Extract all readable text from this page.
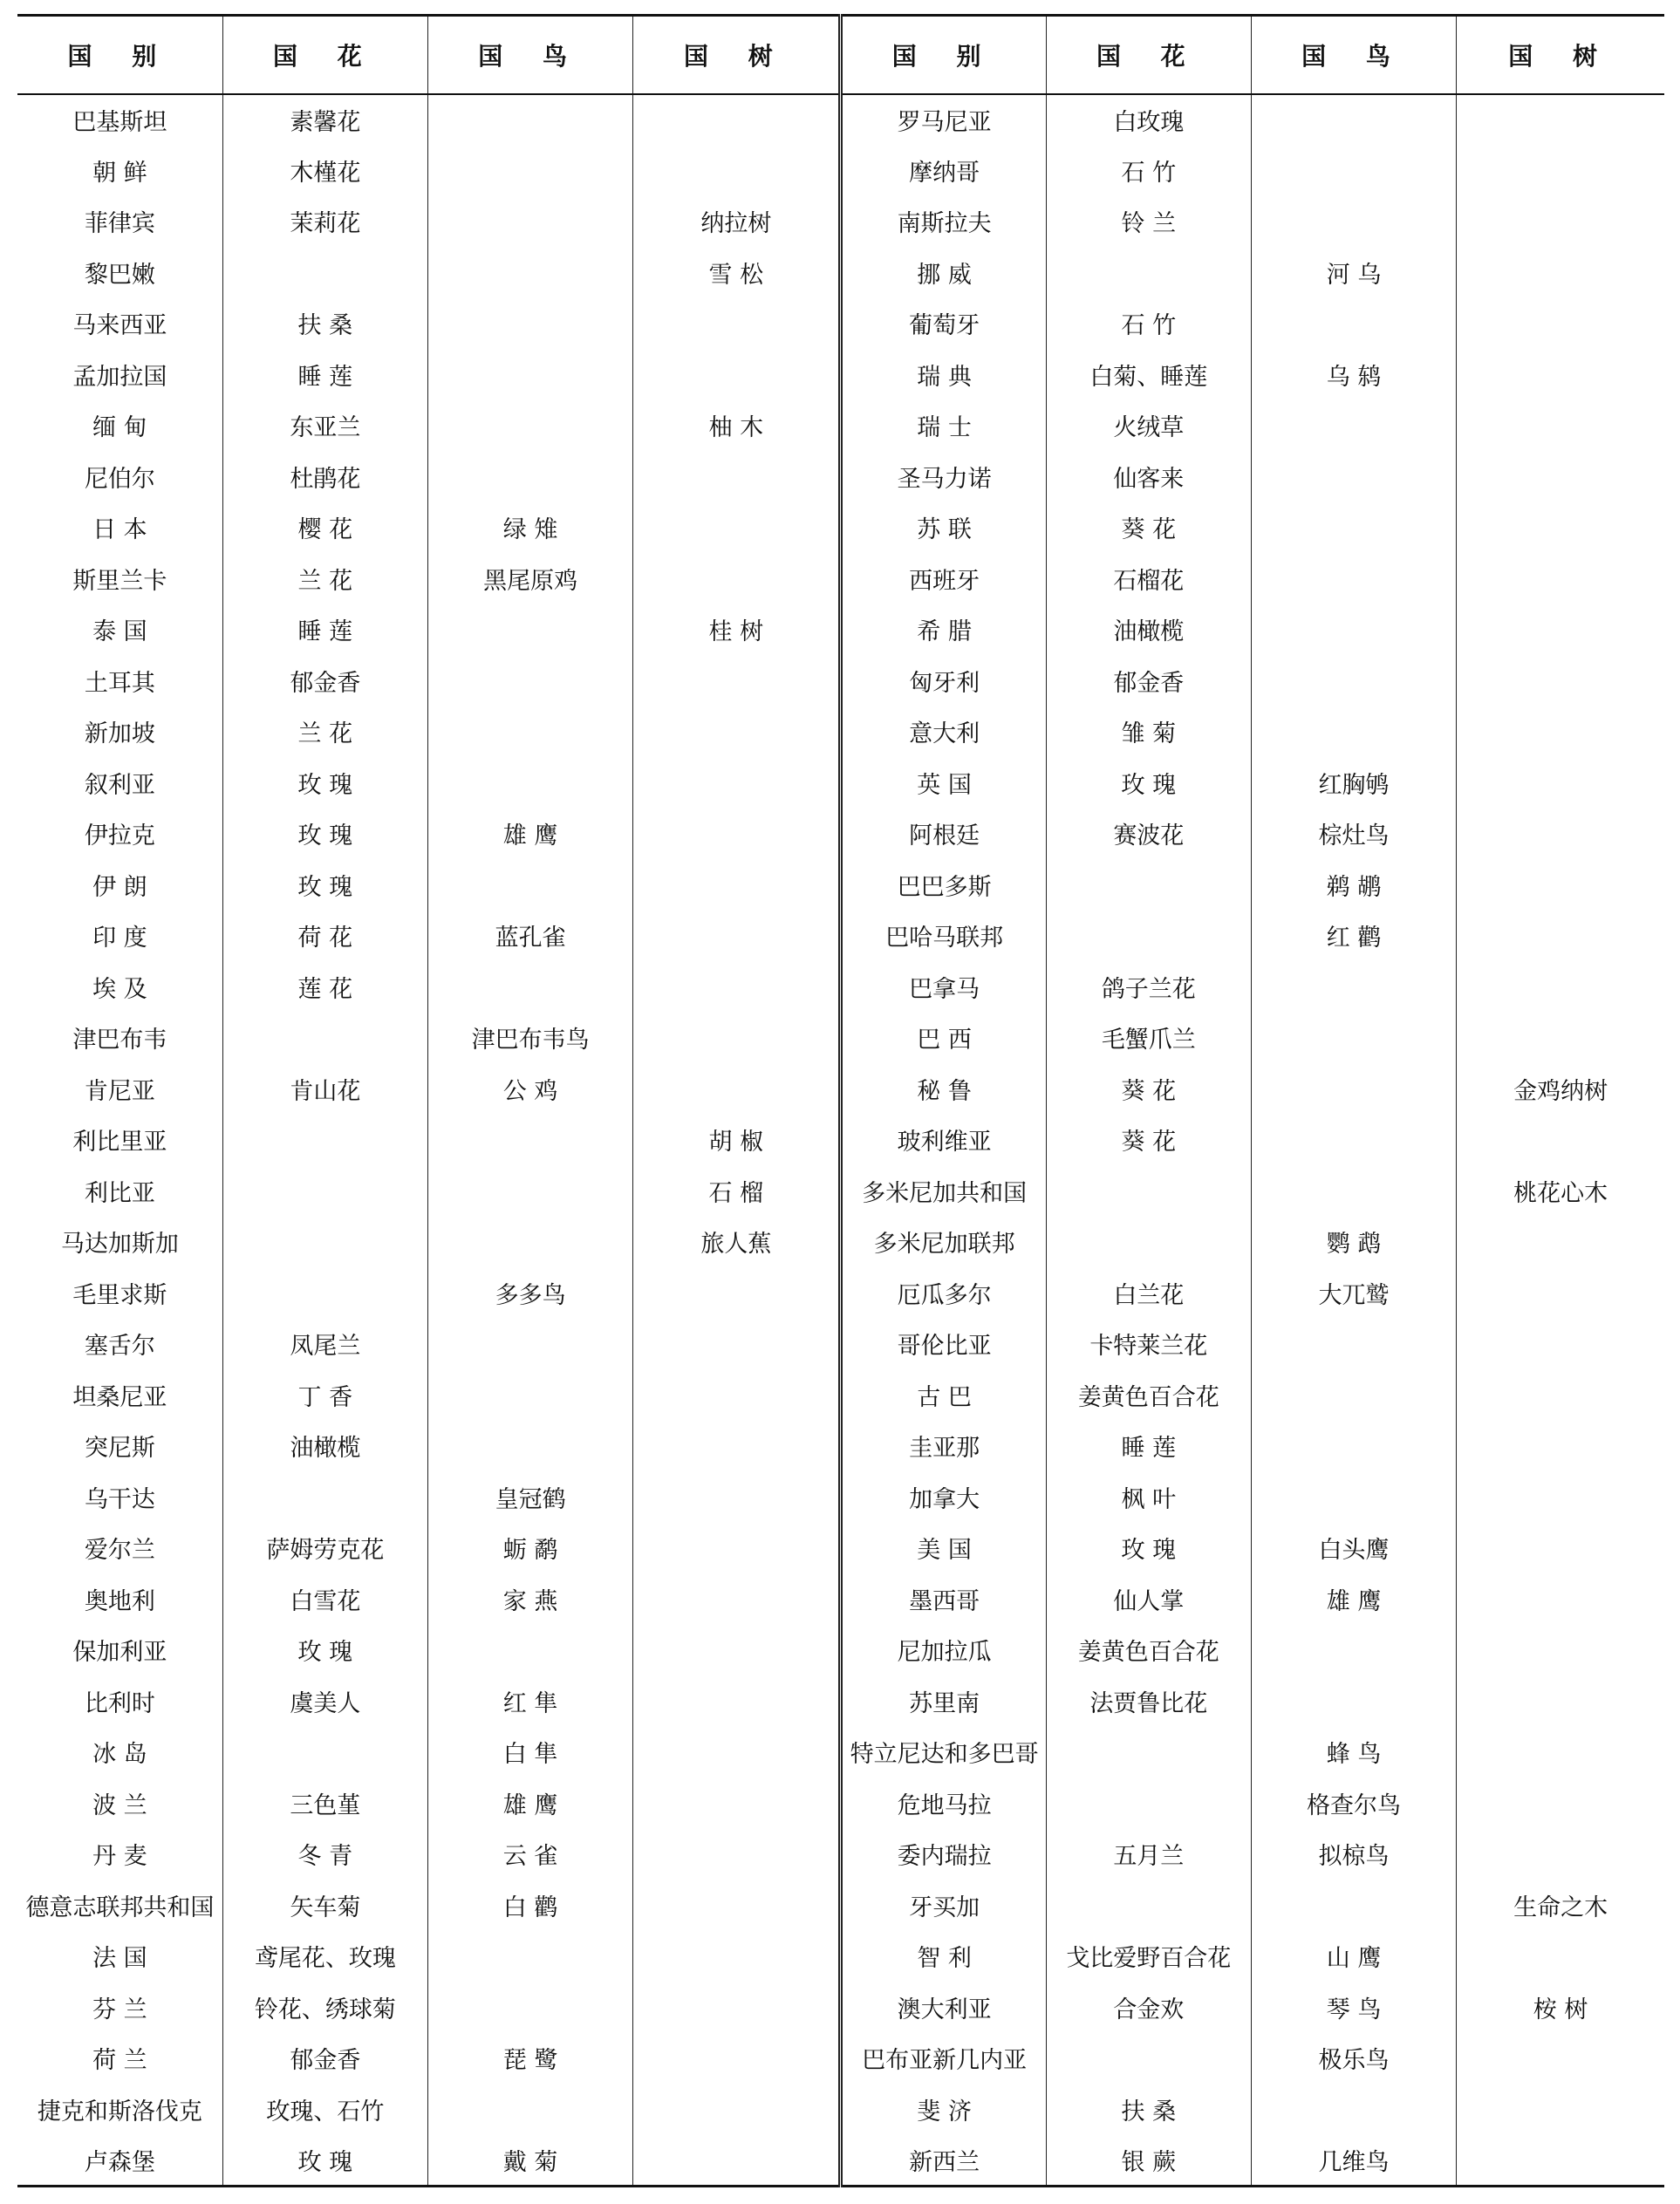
国 别	国 花	国 鸟	国 树	国 别	国 花	国 鸟	国 树
巴基斯坦	素馨花			罗马尼亚	白玫瑰		
朝 鲜	木槿花			摩纳哥	石 竹		
菲律宾	茉莉花		纳拉树	南斯拉夫	铃 兰		
黎巴嫩			雪 松	挪 威		河 乌	
马来西亚	扶 桑			葡萄牙	石 竹		
孟加拉国	睡 莲			瑞 典	白菊、睡莲	乌 鸫	
缅 甸	东亚兰		柚 木	瑞 士	火绒草		
尼伯尔	杜鹃花			圣马力诺	仙客来		
日 本	樱 花	绿 雉		苏 联	葵 花		
斯里兰卡	兰 花	黑尾原鸡		西班牙	石榴花		
泰 国	睡 莲		桂 树	希 腊	油橄榄		
土耳其	郁金香			匈牙利	郁金香		
新加坡	兰 花			意大利	雏 菊		
叙利亚	玫 瑰			英 国	玫 瑰	红胸鸲	
伊拉克	玫 瑰	雄 鹰		阿根廷	赛波花	棕灶鸟	
伊 朗	玫 瑰			巴巴多斯		鹈 鹕	
印 度	荷 花	蓝孔雀		巴哈马联邦		红 鹳	
埃 及	莲 花			巴拿马	鸽子兰花		
津巴布韦		津巴布韦鸟		巴 西	毛蟹爪兰		
肯尼亚	肯山花	公 鸡		秘 鲁	葵 花		金鸡纳树
利比里亚			胡 椒	玻利维亚	葵 花		
利比亚			石 榴	多米尼加共和国			桃花心木
马达加斯加			旅人蕉	多米尼加联邦		鹦 鹉	
毛里求斯		多多鸟		厄瓜多尔	白兰花	大兀鹫	
塞舌尔	凤尾兰			哥伦比亚	卡特莱兰花		
坦桑尼亚	丁 香			古 巴	姜黄色百合花		
突尼斯	油橄榄			圭亚那	睡 莲		
乌干达		皇冠鹤		加拿大	枫 叶		
爱尔兰	萨姆劳克花	蛎 鹬		美 国	玫 瑰	白头鹰	
奥地利	白雪花	家 燕		墨西哥	仙人掌	雄 鹰	
保加利亚	玫 瑰			尼加拉瓜	姜黄色百合花		
比利时	虞美人	红 隼		苏里南	法贾鲁比花		
冰 岛		白 隼		特立尼达和多巴哥		蜂 鸟	
波 兰	三色堇	雄 鹰		危地马拉		格查尔鸟	
丹 麦	冬 青	云 雀		委内瑞拉	五月兰	拟椋鸟	
德意志联邦共和国	矢车菊	白 鹳		牙买加			生命之木
法 国	鸢尾花、玫瑰			智 利	戈比爱野百合花	山 鹰	
芬 兰	铃花、绣球菊			澳大利亚	合金欢	琴 鸟	桉 树
荷 兰	郁金香	琵 鹭		巴布亚新几内亚		极乐鸟	
捷克和斯洛伐克	玫瑰、石竹			斐 济	扶 桑		
卢森堡	玫 瑰	戴 菊		新西兰	银 蕨	几维鸟	
